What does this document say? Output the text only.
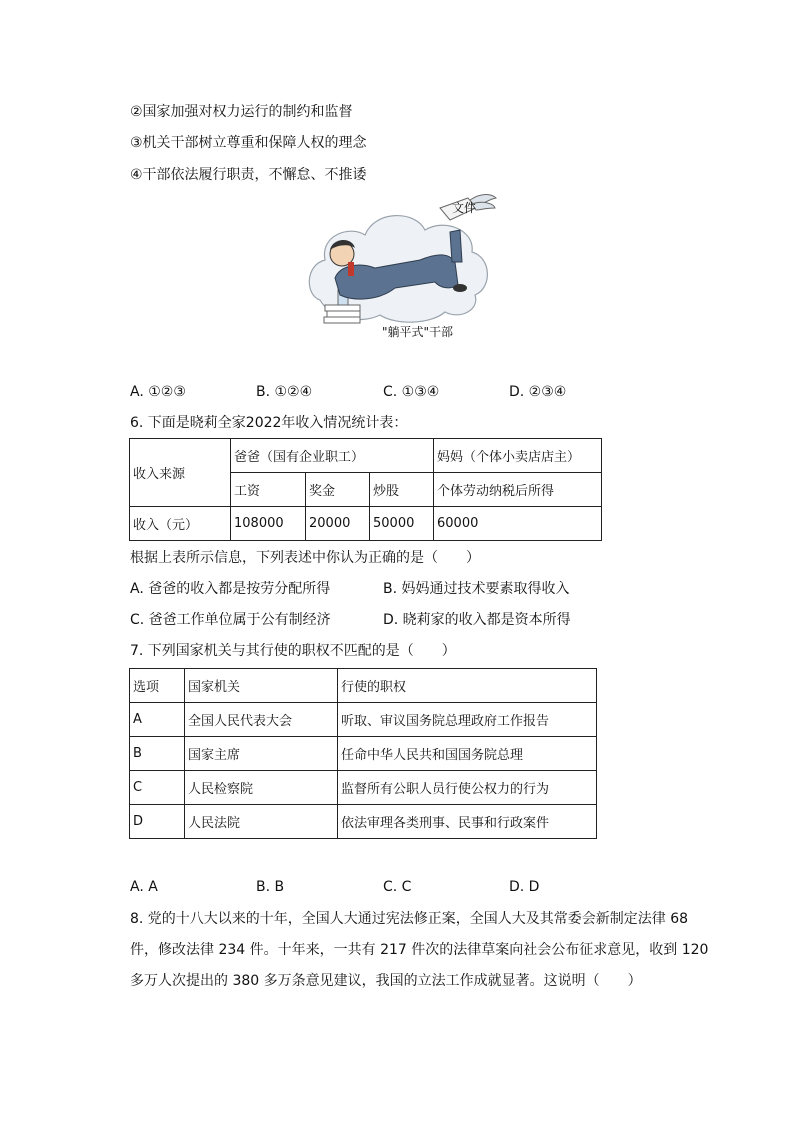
②国家加强对权力运行的制约和监督
③机关干部树立尊重和保障人权的理念
④干部依法履行职责，不懈怠、不推诿
文件
"躺平式"干部
A. ①②③	B. ①②④	C. ①③④	D. ②③④
6. 下面是晓莉全家2022年收入情况统计表：
收入来源	爸爸（国有企业职工）			妈妈（个体小卖店店主）
	工资	奖金	炒股	个体劳动纳税后所得
收入（元）	108000	20000	50000	60000
根据上表所示信息，下列表述中你认为正确的是（　　）
A. 爸爸的收入都是按劳分配所得	B. 妈妈通过技术要素取得收入
C. 爸爸工作单位属于公有制经济	D. 晓莉家的收入都是资本所得
7. 下列国家机关与其行使的职权不匹配的是（　　）
选项	国家机关	行使的职权
A	全国人民代表大会	听取、审议国务院总理政府工作报告
B	国家主席	任命中华人民共和国国务院总理
C	人民检察院	监督所有公职人员行使公权力的行为
D	人民法院	依法审理各类刑事、民事和行政案件
A. A	B. B	C. C	D. D
8. 党的十八大以来的十年，全国人大通过宪法修正案，全国人大及其常委会新制定法律 68
件，修改法律 234 件。十年来，一共有 217 件次的法律草案向社会公布征求意见，收到 120
多万人次提出的 380 多万条意见建议，我国的立法工作成就显著。这说明（　　）
